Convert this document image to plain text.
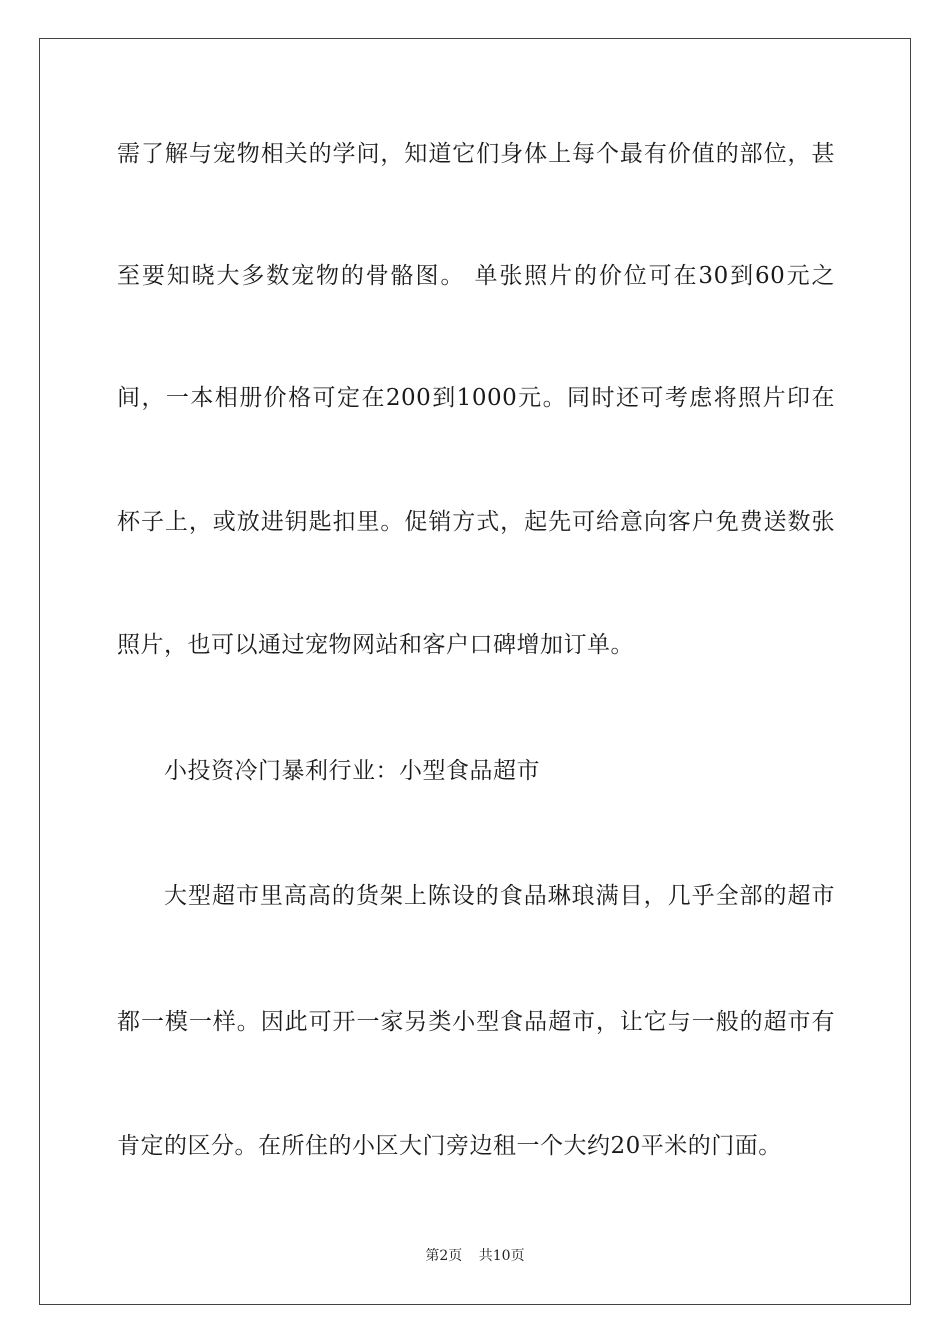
需了解与宠物相关的学问，知道它们身体上每个最有价值的部位，甚
至要知晓大多数宠物的骨骼图。 单张照片的价位可在30到60元之
间，一本相册价格可定在200到1000元。同时还可考虑将照片印在
杯子上，或放进钥匙扣里。促销方式，起先可给意向客户免费送数张
照片，也可以通过宠物网站和客户口碑增加订单。
小投资冷门暴利行业：小型食品超市
大型超市里高高的货架上陈设的食品琳琅满目，几乎全部的超市
都一模一样。因此可开一家另类小型食品超市，让它与一般的超市有
肯定的区分。在所住的小区大门旁边租一个大约20平米的门面。
第2页 共10页
